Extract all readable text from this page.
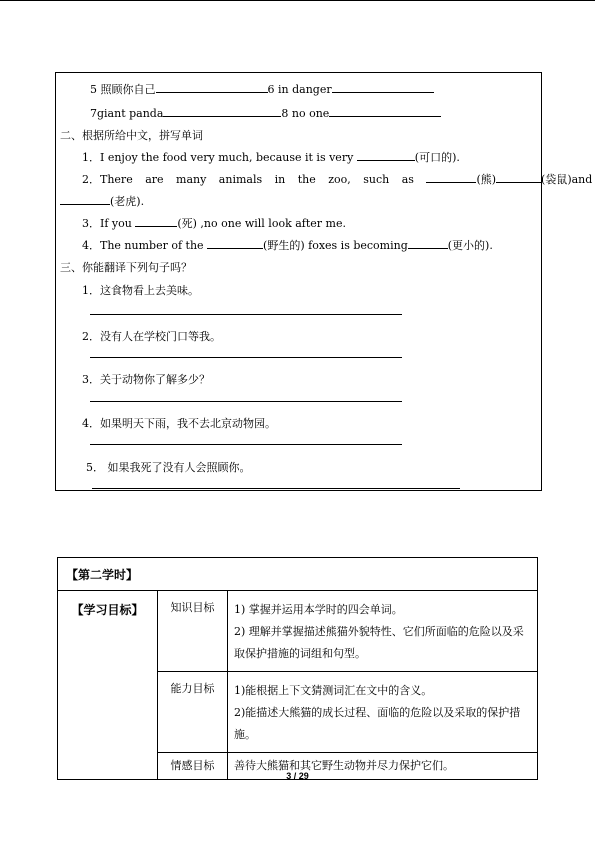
5 照顾你自己	6 in danger
7giant panda	8 no one
二、根据所给中文，拼写单词
1．I enjoy the food very much, because it is very	(可口的).
2．There are many animals in the zoo, such as	(熊)	(袋鼠)and
(老虎).
3．If you	(死) ,no one will look after me.
4．The number of the	(野生的) foxes is becoming	(更小的).
三、你能翻译下列句子吗？
1．这食物看上去美味。
2．没有人在学校门口等我。
3．关于动物你了解多少？
4．如果明天下雨，我不去北京动物园。
5． 如果我死了没有人会照顾你。
【第二学时】		
【学习目标】	知识目标	1) 掌握并运用本学时的四会单词。
2) 理解并掌握描述熊猫外貌特性、它们所面临的危险以及采取保护措施的词组和句型。

	能力目标	1)能根据上下文猜测词汇在文中的含义。
2)能描述大熊猫的成长过程、面临的危险以及采取的保护措施。

	情感目标	善待大熊猫和其它野生动物并尽力保护它们。
3 / 29
